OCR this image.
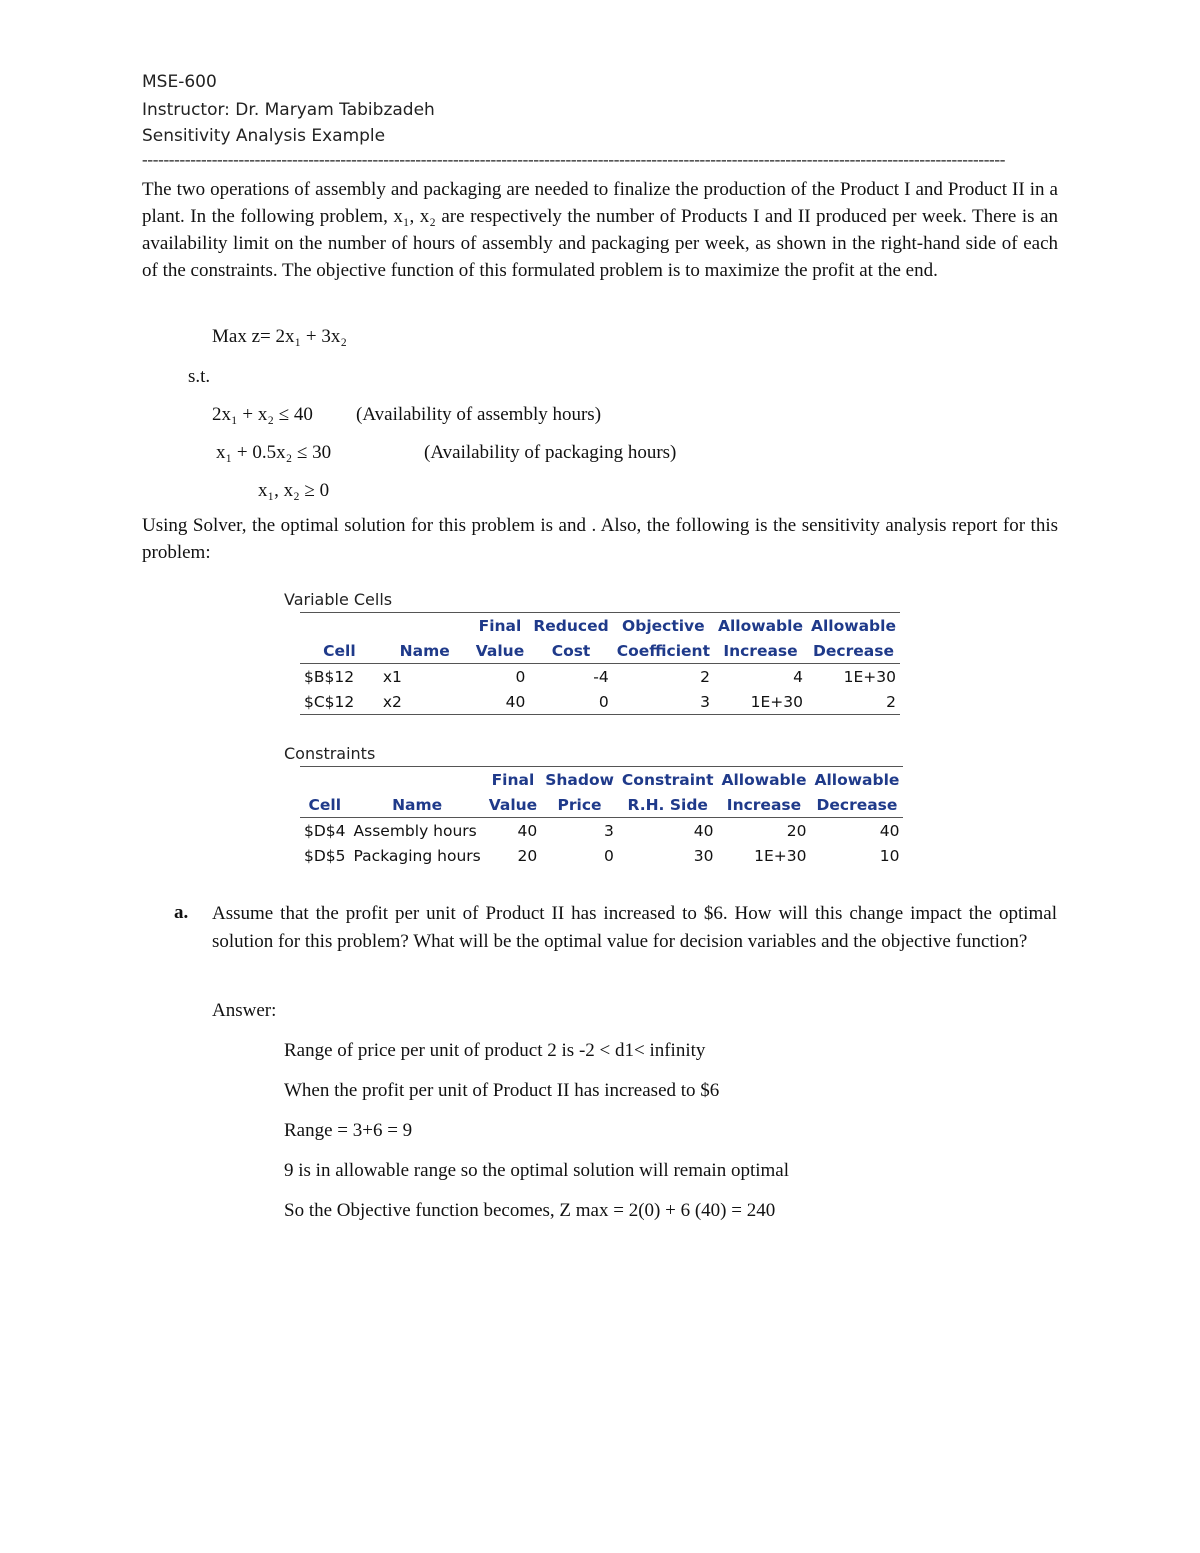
MSE-600
Instructor: Dr. Maryam Tabibzadeh
Sensitivity Analysis Example
-----------------------------------------------------------------------------------------------------------------------------------------------------------------
The two operations of assembly and packaging are needed to finalize the production of the Product I and Product II in a plant. In the following problem, x₁, x₂ are respectively the number of Products I and II produced per week. There is an availability limit on the number of hours of assembly and packaging per week, as shown in the right-hand side of each of the constraints. The objective function of this formulated problem is to maximize the profit at the end.
Max z= 2x₁ + 3x₂
s.t.
2x₁ + x₂ ≤ 40 (Availability of assembly hours)
x₁ + 0.5x₂ ≤ 30	(Availability of packaging hours)
x₁, x₂ ≥ 0
Using Solver, the optimal solution for this problem is and . Also, the following is the sensitivity analysis report for this problem:
Variable Cells
		Final	Reduced	Objective	Allowable	Allowable
Cell	Name	Value	Cost	Coefficient	Increase	Decrease
$B$12	x1	0	-4	2	4	1E+30
$C$12	x2	40	0	3	1E+30	2
Constraints
		Final	Shadow	Constraint	Allowable	Allowable
Cell	Name	Value	Price	R.H. Side	Increase	Decrease
$D$4	Assembly hours	40	3	40	20	40
$D$5	Packaging hours	20	0	30	1E+30	10
a. Assume that the profit per unit of Product II has increased to $6. How will this change impact the optimal solution for this problem? What will be the optimal value for decision variables and the objective function?
Answer:
Range of price per unit of product 2 is -2 < d1< infinity
When the profit per unit of Product II has increased to $6
Range = 3+6 = 9
9 is in allowable range so the optimal solution will remain optimal
So the Objective function becomes, Z max = 2(0) + 6 (40) = 240
